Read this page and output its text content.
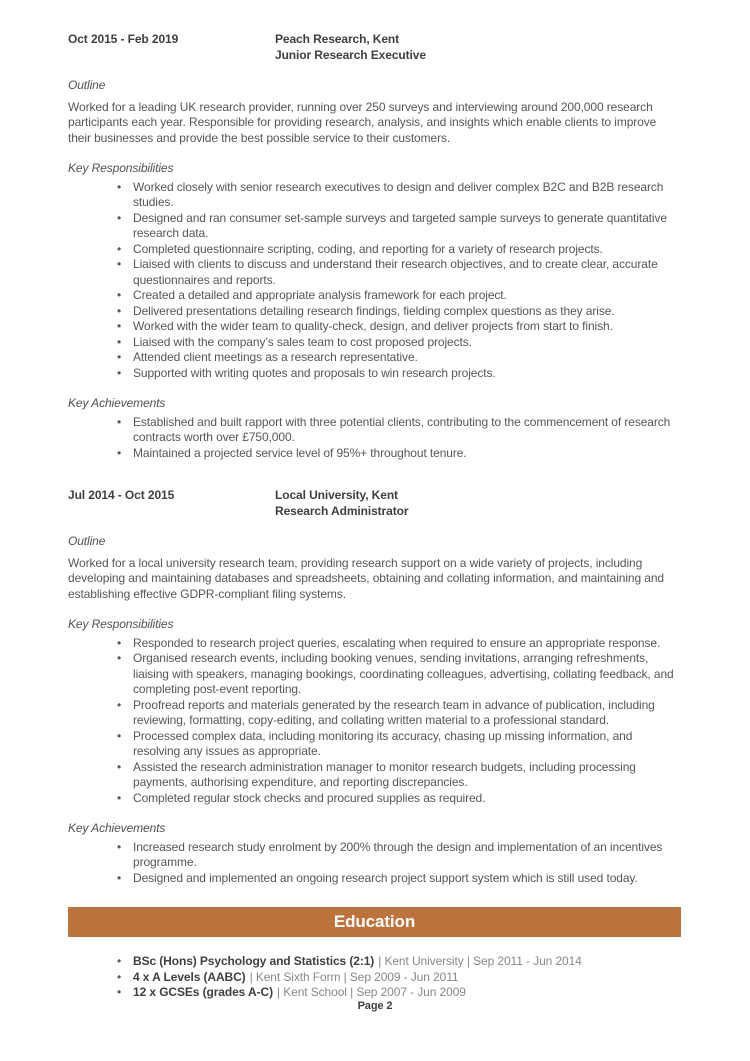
Oct 2015 - Feb 2019	Peach Research, Kent
Junior Research Executive
Outline

Worked for a leading UK research provider, running over 250 surveys and interviewing around 200,000 research participants each year. Responsible for providing research, analysis, and insights which enable clients to improve their businesses and provide the best possible service to their customers.

Key Responsibilities
• Worked closely with senior research executives to design and deliver complex B2C and B2B research studies.
• Designed and ran consumer set-sample surveys and targeted sample surveys to generate quantitative research data.
• Completed questionnaire scripting, coding, and reporting for a variety of research projects.
• Liaised with clients to discuss and understand their research objectives, and to create clear, accurate questionnaires and reports.
• Created a detailed and appropriate analysis framework for each project.
• Delivered presentations detailing research findings, fielding complex questions as they arise.
• Worked with the wider team to quality-check, design, and deliver projects from start to finish.
• Liaised with the company’s sales team to cost proposed projects.
• Attended client meetings as a research representative.
• Supported with writing quotes and proposals to win research projects.
Key Achievements
• Established and built rapport with three potential clients, contributing to the commencement of research contracts worth over £750,000.
• Maintained a projected service level of 95%+ throughout tenure.
Jul 2014 - Oct 2015	Local University, Kent
Research Administrator
Outline

Worked for a local university research team, providing research support on a wide variety of projects, including developing and maintaining databases and spreadsheets, obtaining and collating information, and maintaining and establishing effective GDPR-compliant filing systems.

Key Responsibilities
• Responded to research project queries, escalating when required to ensure an appropriate response.
• Organised research events, including booking venues, sending invitations, arranging refreshments, liaising with speakers, managing bookings, coordinating colleagues, advertising, collating feedback, and completing post-event reporting.
• Proofread reports and materials generated by the research team in advance of publication, including reviewing, formatting, copy-editing, and collating written material to a professional standard.
• Processed complex data, including monitoring its accuracy, chasing up missing information, and resolving any issues as appropriate.
• Assisted the research administration manager to monitor research budgets, including processing payments, authorising expenditure, and reporting discrepancies.
• Completed regular stock checks and procured supplies as required.
Key Achievements
• Increased research study enrolment by 200% through the design and implementation of an incentives programme.
• Designed and implemented an ongoing research project support system which is still used today.
Education
• BSc (Hons) Psychology and Statistics (2:1) | Kent University | Sep 2011 - Jun 2014
• 4 x A Levels (AABC) | Kent Sixth Form | Sep 2009 - Jun 2011
• 12 x GCSEs (grades A-C) | Kent School | Sep 2007 - Jun 2009
Page 2
